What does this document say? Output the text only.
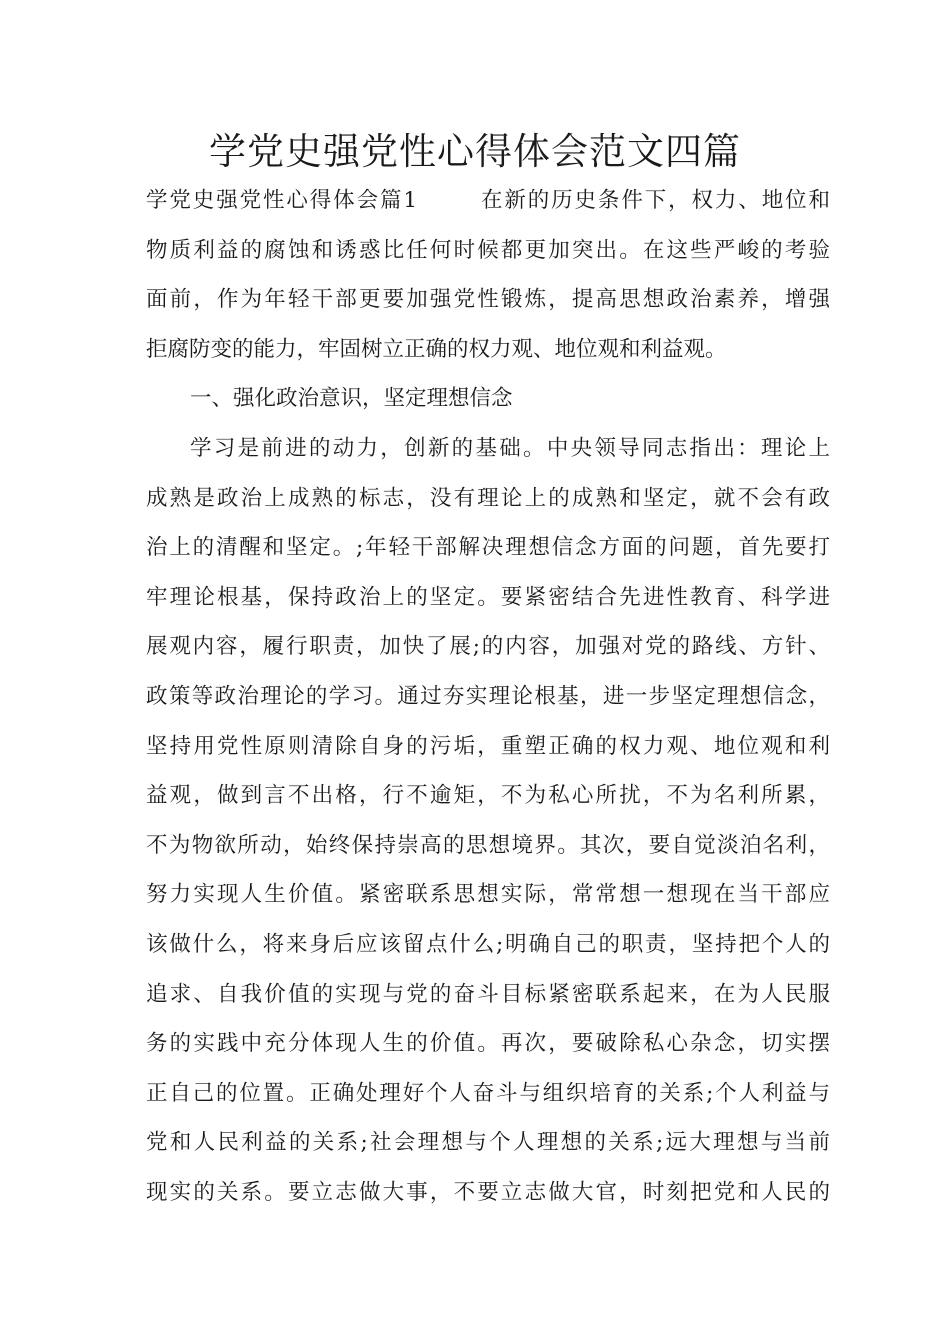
学党史强党性心得体会范文四篇
学党史强党性心得体会篇1	在新的历史条件下，权力、地位和
物质利益的腐蚀和诱惑比任何时候都更加突出。在这些严峻的考验
面前，作为年轻干部更要加强党性锻炼，提高思想政治素养，增强
拒腐防变的能力，牢固树立正确的权力观、地位观和利益观。
一、强化政治意识，坚定理想信念
学习是前进的动力，创新的基础。中央领导同志指出：理论上
成熟是政治上成熟的标志，没有理论上的成熟和坚定，就不会有政
治上的清醒和坚定。;年轻干部解决理想信念方面的问题，首先要打
牢理论根基，保持政治上的坚定。要紧密结合先进性教育、科学进
展观内容，履行职责，加快了展;的内容，加强对党的路线、方针、
政策等政治理论的学习。通过夯实理论根基，进一步坚定理想信念，
坚持用党性原则清除自身的污垢，重塑正确的权力观、地位观和利
益观，做到言不出格，行不逾矩，不为私心所扰，不为名利所累，
不为物欲所动，始终保持崇高的思想境界。其次，要自觉淡泊名利，
努力实现人生价值。紧密联系思想实际，常常想一想现在当干部应
该做什么，将来身后应该留点什么;明确自己的职责，坚持把个人的
追求、自我价值的实现与党的奋斗目标紧密联系起来，在为人民服
务的实践中充分体现人生的价值。再次，要破除私心杂念，切实摆
正自己的位置。正确处理好个人奋斗与组织培育的关系;个人利益与
党和人民利益的关系;社会理想与个人理想的关系;远大理想与当前
现实的关系。要立志做大事，不要立志做大官，时刻把党和人民的
